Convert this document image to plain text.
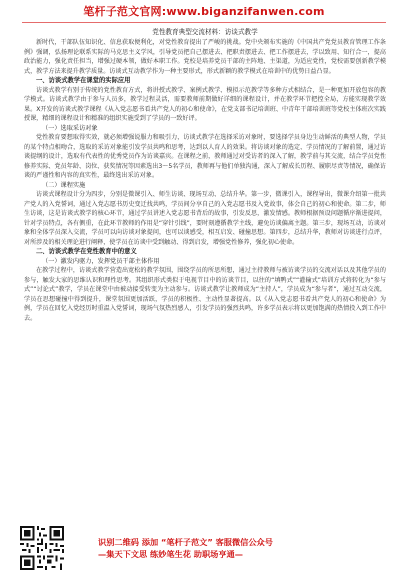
笔杆子范文官网:www.biganzifanwen.com

党性教育典型交流材料：访谈式教学

新时代，干部队伍知识化、信息获取便利化，对党性教育提出了严峻的挑战。党中央颁布实施的《中国共产党党员教育管理工作条例》强调，弘扬理论联系实际的马克思主义学风，引导党员把自己摆进去、把职责摆进去、把工作摆进去，学以致用、知行合一，提高政治能力，强化责任担当，增强过硬本领，做好本职工作。党校是培养党员干部的主阵地、主渠道，为适应党性，党校需要创新教学模式，教学方法来提升教学质量。访谈式互动教学作为一种主要形式，形式新颖的教学模式在培训中的优势日益凸显。

一、访谈式教学在课堂的实际应用

访谈式教学有别于传统的党性教育方式，将讲授式教学、案例式教学、模拟示范教学等多种方式相结合，是一种更加开放包容的教学模式。访谈式教学由于参与人员多，教学过程灵活，需要教师前期做好详细的课程设计，并在教学环节把控全局，方能实现教学效果。X开发的访谈式教学课程《从入党志愿书看共产党人的初心和使命》，在党支部书记培训班、中青年干部培训班等党校主体班次实践授课，精细的课程设计和精准的组织实施受到了学员的一致好评。

（一）选取采访对象

党性教育要想取得实效，就必须增强说服力和吸引力，访谈式教学在选择采访对象时，要选择学员身边生动鲜活的典型人物，学员的某个特点相吻合，选取的采访对象能引发学员共鸣和思考，达到以人育人的效果。将访谈对象的选定、学员情况的了解前置，通过访谈提纲的设计，选取有代表性的优秀党员作为访谈嘉宾。在课程之前，教师通过对受访者的深入了解，教学前与其交流，结合学员党性修养实际、党员年龄、岗位、获奖情况等因素选出3～5名学员，教师再与他们单独沟通，深入了解成长历程、履职尽责等情况，确保访谈的严谨性和内容的真实性，最终选出采访对象。

（二）课程实施

访谈式课程设计分为四步，分别是微课引入、师生访谈、现场互动、总结升华。第一步，微课引入，课程导出，微课介绍第一批共产党人的入党誓词，通过入党志愿书历史变迁找共鸣，学员间分享自己的入党志愿书及入党故事，体会自己的初心和使命。第二步，师生访谈，这是访谈式教学的核心环节，通过学员讲述入党志愿书背后的故事，引发反思，激发情感。教师根据预设问题循序渐进提问，针对学员特点，各有侧重，在此环节教师的作用是“穿针引线”，要时刻遵循教学主线，避免访谈偏离主题。第三步，现场互动，访谈对象和全体学员深入交流，学员可以向访谈对象提问，也可以谈感受，相互启发、碰撞思想。第四步，总结升华，教师对访谈进行点评，对所涉及的相关理论进行阐释，使学员在访谈中受到触动、得到启发，增强党性修养，强化初心使命。

二、访谈式教学在党性教育中的意义

（一）激发内驱力，发挥党员干部主体作用

在教学过程中，访谈式教学营造出宽松的教学氛围，围绕学员的所思所想，通过主持教师与被访谈学员的交流对话以及其他学员的参与，触发大家的思维认识和理性思考。其组织形式类似于电视节目中的访谈节目，以往的“填鸭式”“灌输式”培训方式将转化为“参与式”“讨论式”教学，学员在课堂中由被动接受转变为主动参与。访谈式教学让教师成为“主持人”，学员成为“参与者”，通过互动交流，学员在思想碰撞中得到提升，课堂氛围更加活跃，学员的积极性、主动性显著提高。以《从入党志愿书看共产党人的初心和使命》为例，学员在回忆入党经历时重温入党誓词，现场气氛热烈感人，引发学员的强烈共鸣，许多学员表示将以更加饱满的热情投入到工作中去。

识别二维码 添加 “笔杆子范文” 客服微信公众号
—集天下文思 练妙笔生花 助职场亨通—
